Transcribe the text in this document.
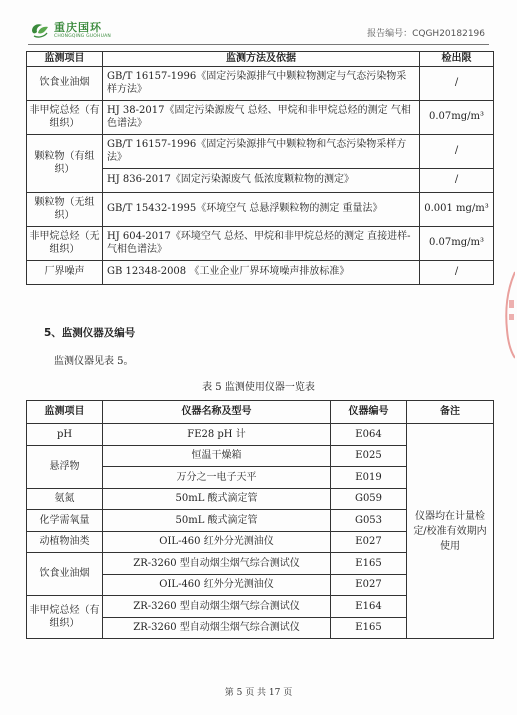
重庆国环
CHONGQING GUOHUAN	报告编号：CQGH20182196
监测项目	监测方法及依据	检出限
饮食业油烟	GB/T 16157-1996《固定污染源排气中颗粒物测定与气态污染物采样方法》	/
非甲烷总烃（有组织）	HJ 38-2017《固定污染源废气 总烃、甲烷和非甲烷总烃的测定 气相色谱法》	0.07mg/m³
颗粒物（有组织）	GB/T 16157-1996《固定污染源排气中颗粒物和气态污染物采样方法》	/
	HJ 836-2017《固定污染源废气 低浓度颗粒物的测定》	/
颗粒物（无组织）	GB/T 15432-1995《环境空气 总悬浮颗粒物的测定 重量法》	0.001 mg/m³
非甲烷总烃（无组织）	HJ 604-2017《环境空气 总烃、甲烷和非甲烷总烃的测定 直接进样-气相色谱法》	0.07mg/m³
厂界噪声	GB 12348-2008 《工业企业厂界环境噪声排放标准》	/
5、监测仪器及编号
监测仪器见表 5。
表 5 监测使用仪器一览表
监测项目	仪器名称及型号	仪器编号	备注
pH	FE28 pH 计	E064	仪器均在计量检定/校准有效期内使用
悬浮物	恒温干燥箱	E025	
	万分之一电子天平	E019	
氨氮	50mL 酸式滴定管	G059	
化学需氧量	50mL 酸式滴定管	G053	
动植物油类	OIL-460 红外分光测油仪	E027	
饮食业油烟	ZR-3260 型自动烟尘烟气综合测试仪	E165	
	OIL-460 红外分光测油仪	E027	
非甲烷总烃（有组织）	ZR-3260 型自动烟尘烟气综合测试仪	E164	
	ZR-3260 型自动烟尘烟气综合测试仪	E165	
第 5 页 共 17 页
